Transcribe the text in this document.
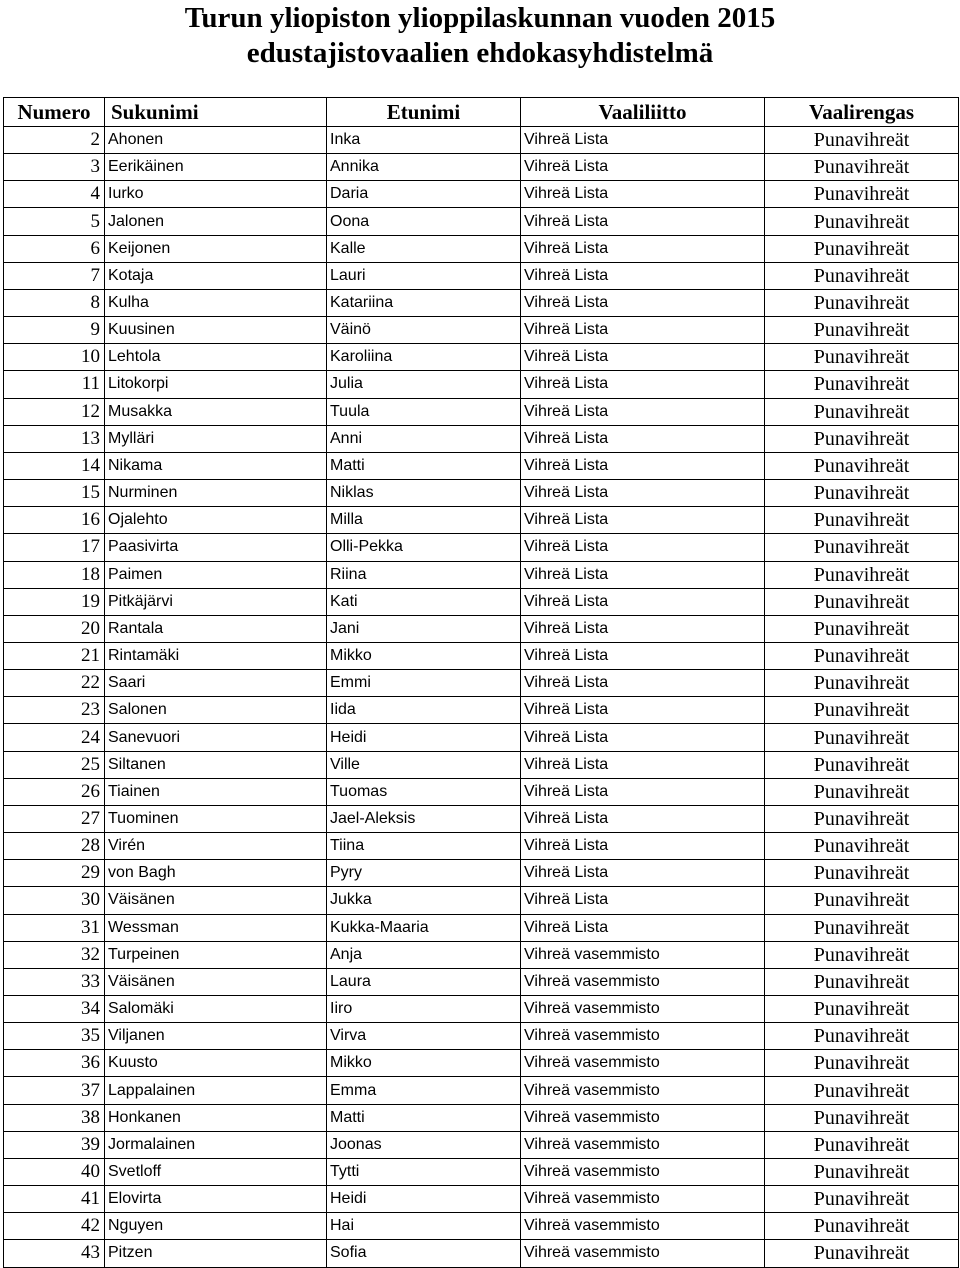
Turun yliopiston ylioppilaskunnan vuoden 2015
edustajistovaalien ehdokasyhdistelmä
Numero	Sukunimi	Etunimi	Vaaliliitto	Vaalirengas
2	Ahonen	Inka	Vihreä Lista	Punavihreät
3	Eerikäinen	Annika	Vihreä Lista	Punavihreät
4	Iurko	Daria	Vihreä Lista	Punavihreät
5	Jalonen	Oona	Vihreä Lista	Punavihreät
6	Keijonen	Kalle	Vihreä Lista	Punavihreät
7	Kotaja	Lauri	Vihreä Lista	Punavihreät
8	Kulha	Katariina	Vihreä Lista	Punavihreät
9	Kuusinen	Väinö	Vihreä Lista	Punavihreät
10	Lehtola	Karoliina	Vihreä Lista	Punavihreät
11	Litokorpi	Julia	Vihreä Lista	Punavihreät
12	Musakka	Tuula	Vihreä Lista	Punavihreät
13	Mylläri	Anni	Vihreä Lista	Punavihreät
14	Nikama	Matti	Vihreä Lista	Punavihreät
15	Nurminen	Niklas	Vihreä Lista	Punavihreät
16	Ojalehto	Milla	Vihreä Lista	Punavihreät
17	Paasivirta	Olli-Pekka	Vihreä Lista	Punavihreät
18	Paimen	Riina	Vihreä Lista	Punavihreät
19	Pitkäjärvi	Kati	Vihreä Lista	Punavihreät
20	Rantala	Jani	Vihreä Lista	Punavihreät
21	Rintamäki	Mikko	Vihreä Lista	Punavihreät
22	Saari	Emmi	Vihreä Lista	Punavihreät
23	Salonen	Iida	Vihreä Lista	Punavihreät
24	Sanevuori	Heidi	Vihreä Lista	Punavihreät
25	Siltanen	Ville	Vihreä Lista	Punavihreät
26	Tiainen	Tuomas	Vihreä Lista	Punavihreät
27	Tuominen	Jael-Aleksis	Vihreä Lista	Punavihreät
28	Virén	Tiina	Vihreä Lista	Punavihreät
29	von Bagh	Pyry	Vihreä Lista	Punavihreät
30	Väisänen	Jukka	Vihreä Lista	Punavihreät
31	Wessman	Kukka-Maaria	Vihreä Lista	Punavihreät
32	Turpeinen	Anja	Vihreä vasemmisto	Punavihreät
33	Väisänen	Laura	Vihreä vasemmisto	Punavihreät
34	Salomäki	Iiro	Vihreä vasemmisto	Punavihreät
35	Viljanen	Virva	Vihreä vasemmisto	Punavihreät
36	Kuusto	Mikko	Vihreä vasemmisto	Punavihreät
37	Lappalainen	Emma	Vihreä vasemmisto	Punavihreät
38	Honkanen	Matti	Vihreä vasemmisto	Punavihreät
39	Jormalainen	Joonas	Vihreä vasemmisto	Punavihreät
40	Svetloff	Tytti	Vihreä vasemmisto	Punavihreät
41	Elovirta	Heidi	Vihreä vasemmisto	Punavihreät
42	Nguyen	Hai	Vihreä vasemmisto	Punavihreät
43	Pitzen	Sofia	Vihreä vasemmisto	Punavihreät
